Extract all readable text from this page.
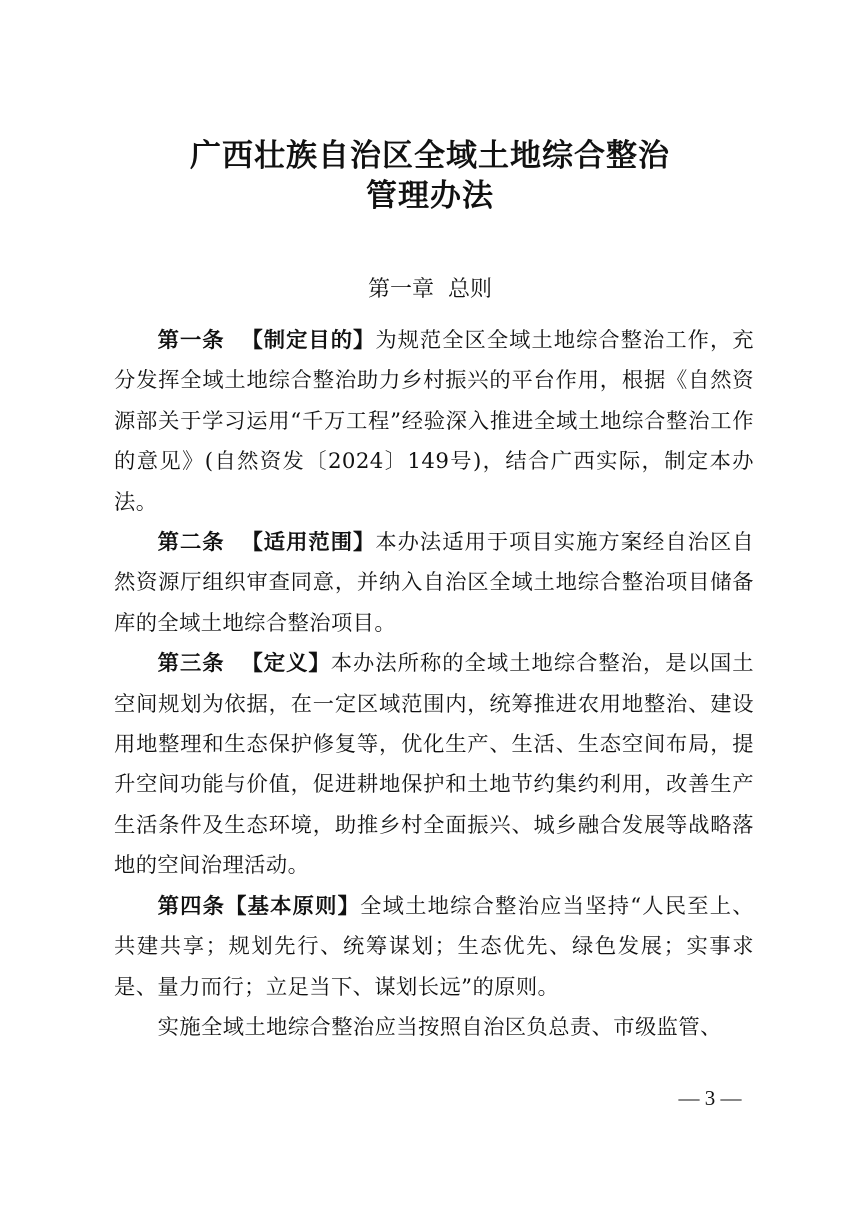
广西壮族自治区全域土地综合整治
管理办法
第一章  总则

第一条  【制定目的】为规范全区全域土地综合整治工作，充分发挥全域土地综合整治助力乡村振兴的平台作用，根据《自然资源部关于学习运用“千万工程”经验深入推进全域土地综合整治工作的意见》(自然资发〔2024〕149号)，结合广西实际，制定本办法。

第二条  【适用范围】本办法适用于项目实施方案经自治区自然资源厅组织审查同意，并纳入自治区全域土地综合整治项目储备库的全域土地综合整治项目。

第三条  【定义】本办法所称的全域土地综合整治，是以国土空间规划为依据，在一定区域范围内，统筹推进农用地整治、建设用地整理和生态保护修复等，优化生产、生活、生态空间布局，提升空间功能与价值，促进耕地保护和土地节约集约利用，改善生产生活条件及生态环境，助推乡村全面振兴、城乡融合发展等战略落地的空间治理活动。

第四条【基本原则】全域土地综合整治应当坚持“人民至上、共建共享；规划先行、统筹谋划；生态优先、绿色发展；实事求是、量力而行；立足当下、谋划长远”的原则。

实施全域土地综合整治应当按照自治区负总责、市级监管、

— 3 —
